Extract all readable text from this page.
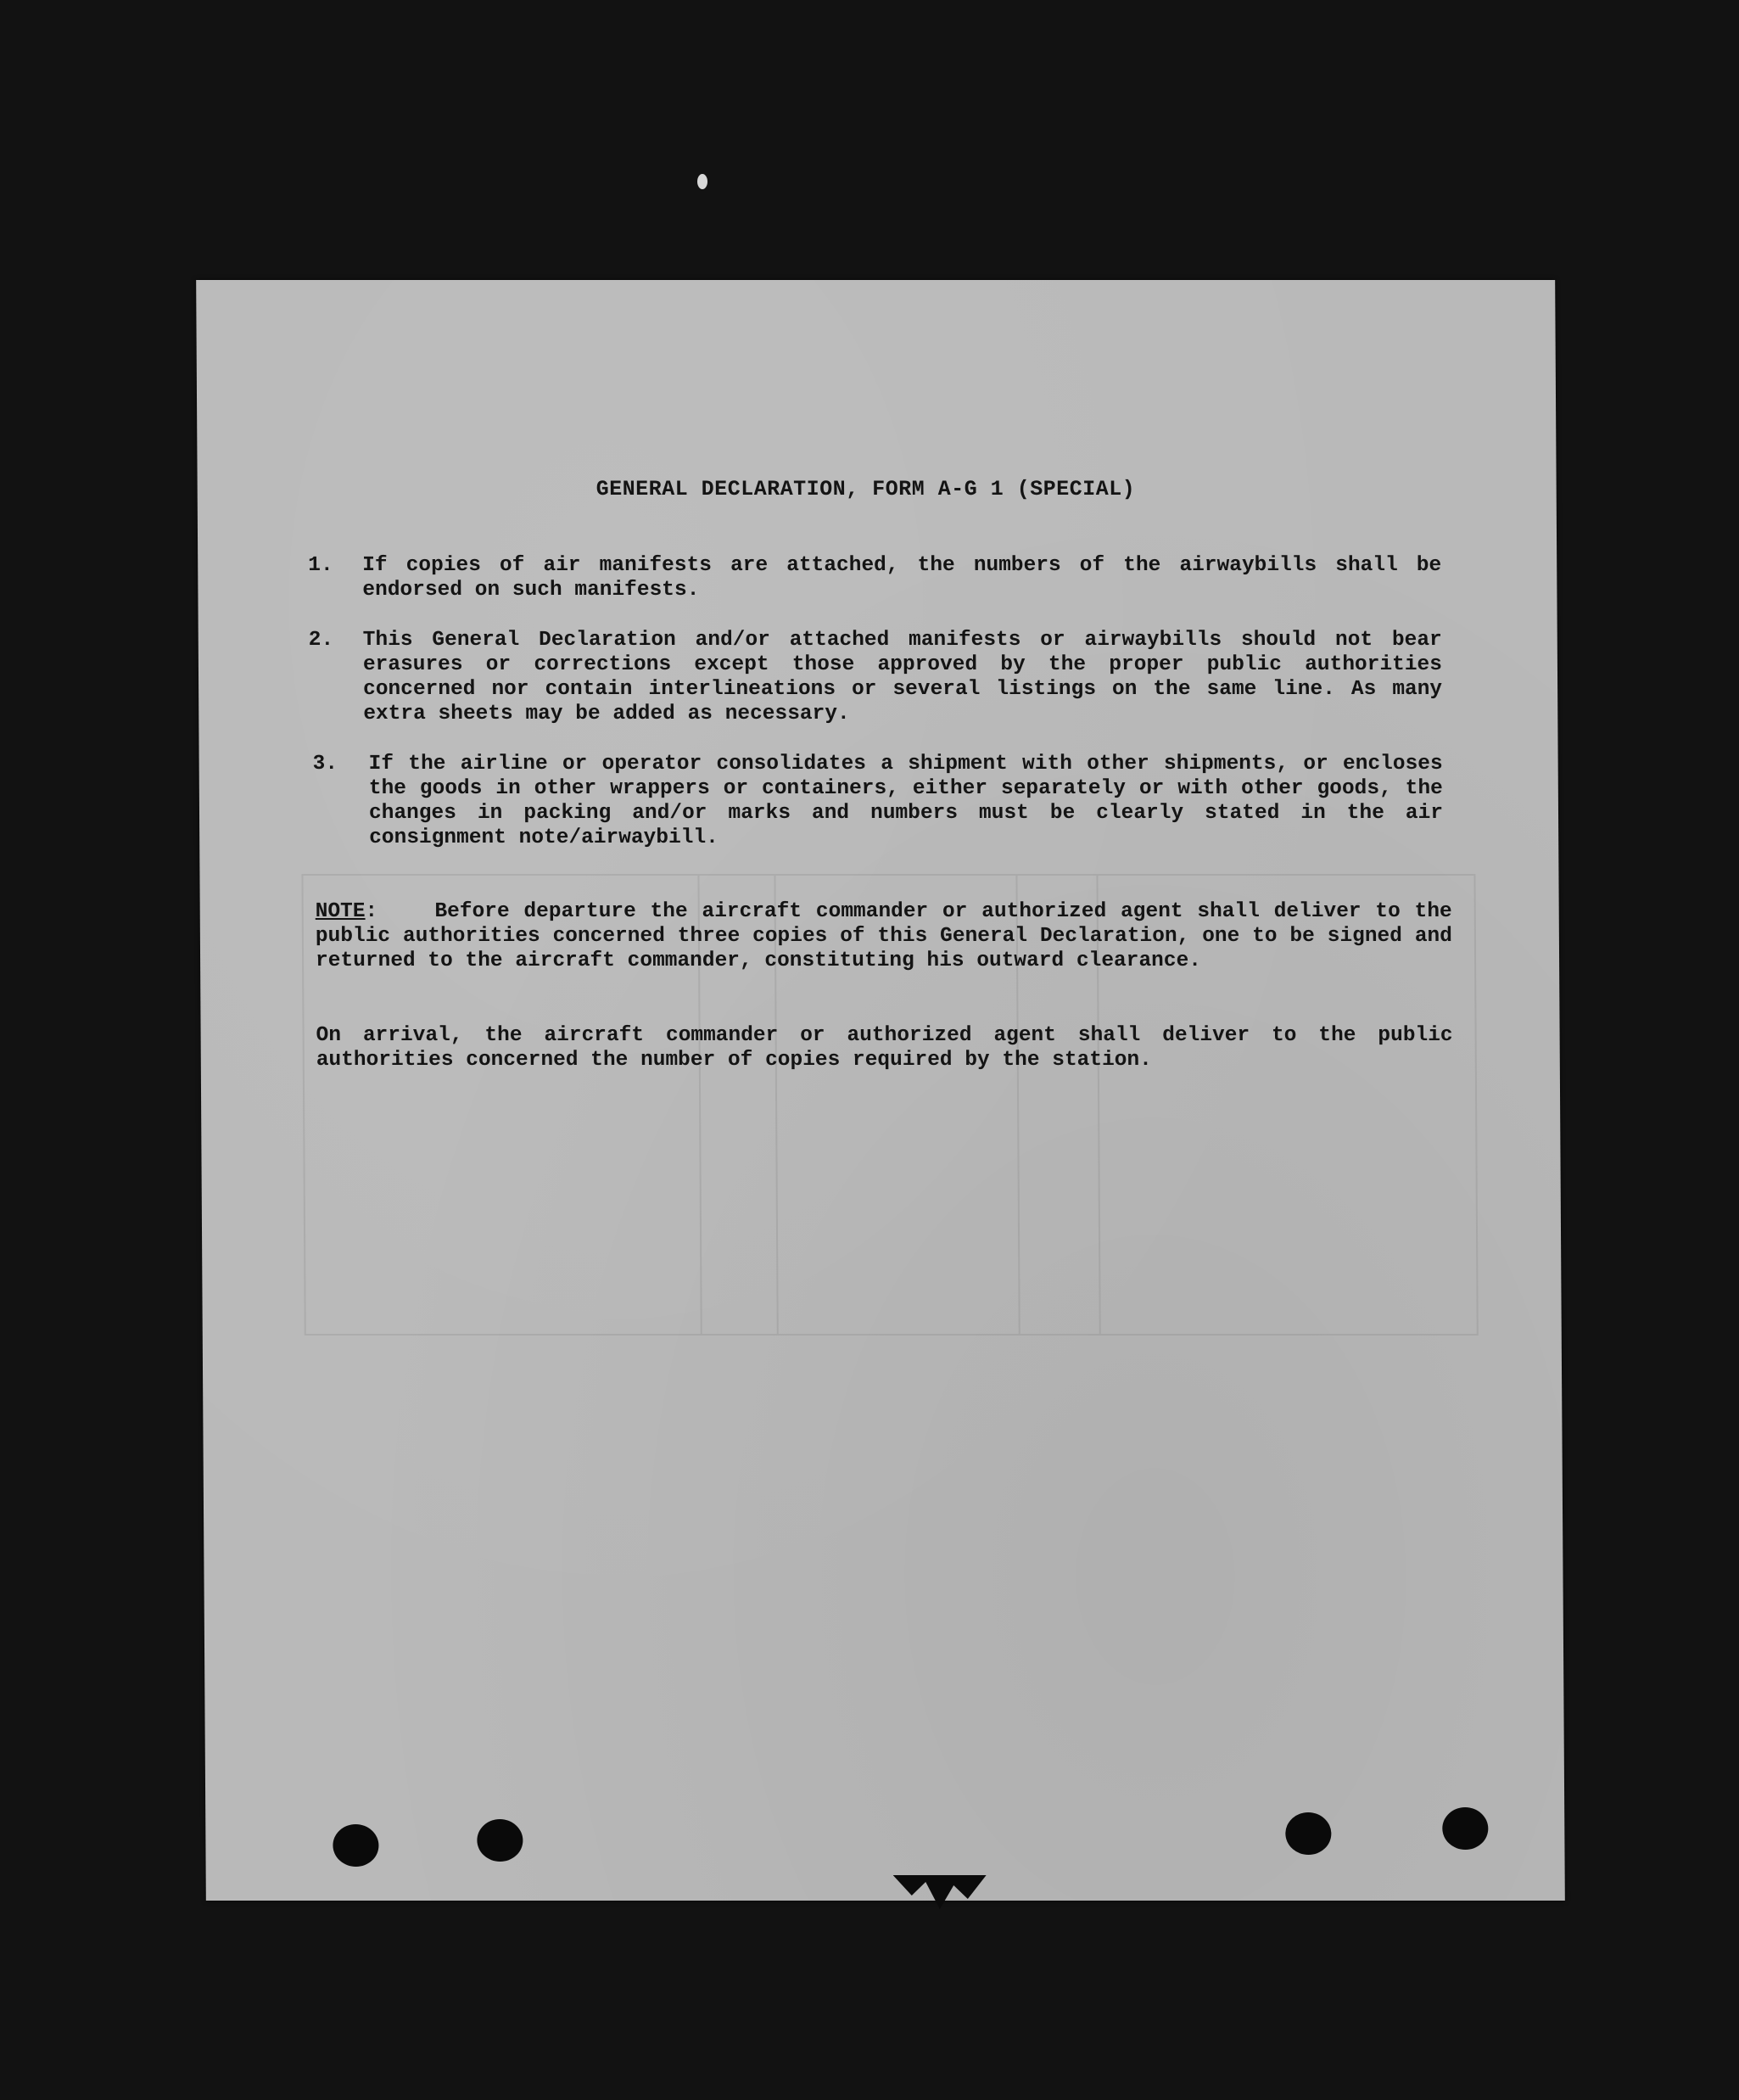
​
GENERAL DECLARATION, FORM A-G 1 (SPECIAL)
1. If copies of air manifests are attached, the numbers of the airwaybills shall be endorsed on such manifests.
2. This General Declaration and/or attached manifests or airwaybills should not bear erasures or corrections except those approved by the proper public authorities concerned nor contain interlineations or several listings on the same line. As many extra sheets may be added as necessary.
3. If the airline or operator consolidates a shipment with other shipments, or encloses the goods in other wrappers or containers, either separately or with other goods, the changes in packing and/or marks and numbers must be clearly stated in the air consignment note/airwaybill.
NOTE:    Before departure the aircraft commander or authorized agent shall deliver to the public authorities concerned three copies of this General Declaration, one to be signed and returned to the aircraft commander, constituting his outward clearance.
On arrival, the aircraft commander or authorized agent shall deliver to the public authorities concerned the number of copies required by the station.
​
